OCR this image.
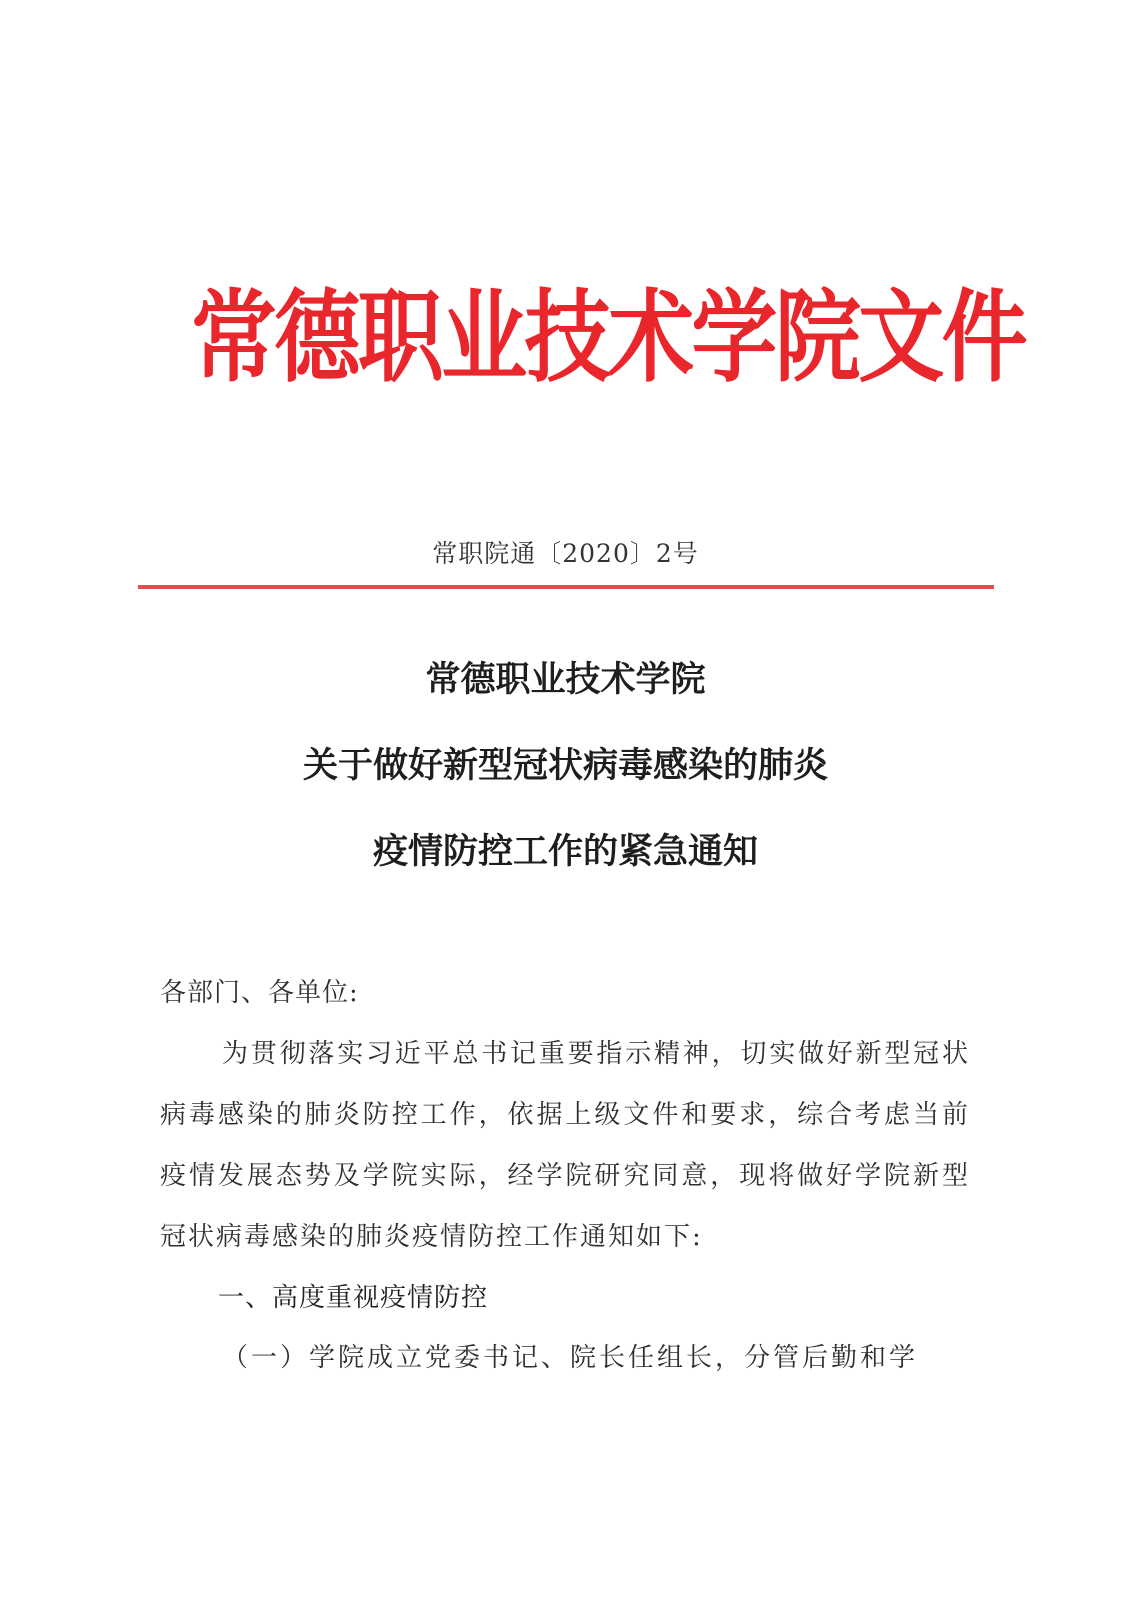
常德职业技术学院文件
常职院通〔2020〕2号
常德职业技术学院
关于做好新型冠状病毒感染的肺炎
疫情防控工作的紧急通知
各部门、各单位:
为贯彻落实习近平总书记重要指示精神，切实做好新型冠状病毒感染的肺炎防控工作，依据上级文件和要求，综合考虑当前疫情发展态势及学院实际，经学院研究同意，现将做好学院新型冠状病毒感染的肺炎疫情防控工作通知如下:
一、高度重视疫情防控
（一）学院成立党委书记、院长任组长，分管后勤和学
